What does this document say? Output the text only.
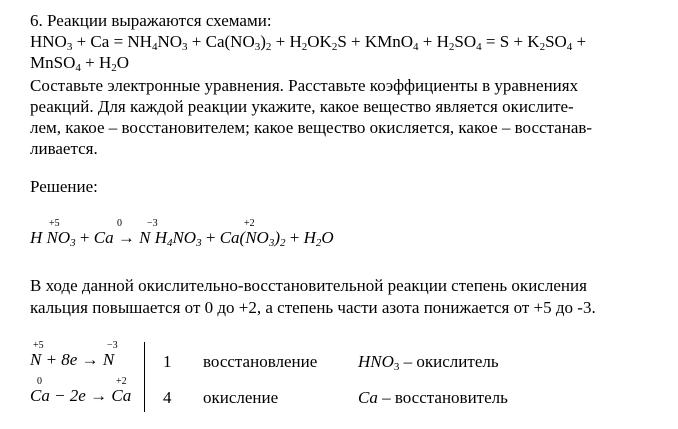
6. Реакции выражаются схемами:
$HNO_3 + Ca = NH_4NO_3 + Ca(NO_3)_2 + H_2OK_2S$ + KMnO$_4$ + $H_2SO_4 = S + K_2SO_4$ +
MnSO$_4$ + $H_2O$
Составьте электронные уравнения. Расставьте коэффициенты в уравнениях
реакций. Для каждой реакции укажите, какое вещество является окислите-
лем, какое – восстановителем; какое вещество окисляется, какое – восстанав-
ливается.
Решение:
+5	0	−3	+2
H $NO_3 + Ca \to N$ $H_4NO_3 + Ca(NO_3)_2 + H_2O$
В ходе данной окислительно-восстановительной реакции степень окисления
кальция повышается от 0 до +2, а степень части азота понижается от +5 до -3.
+5	−3
N + 8e → N	1 восстановление $HNO_3$ – окислитель
0	+2
Ca − 2e → Ca 4 окисление	Ca – восстановитель
